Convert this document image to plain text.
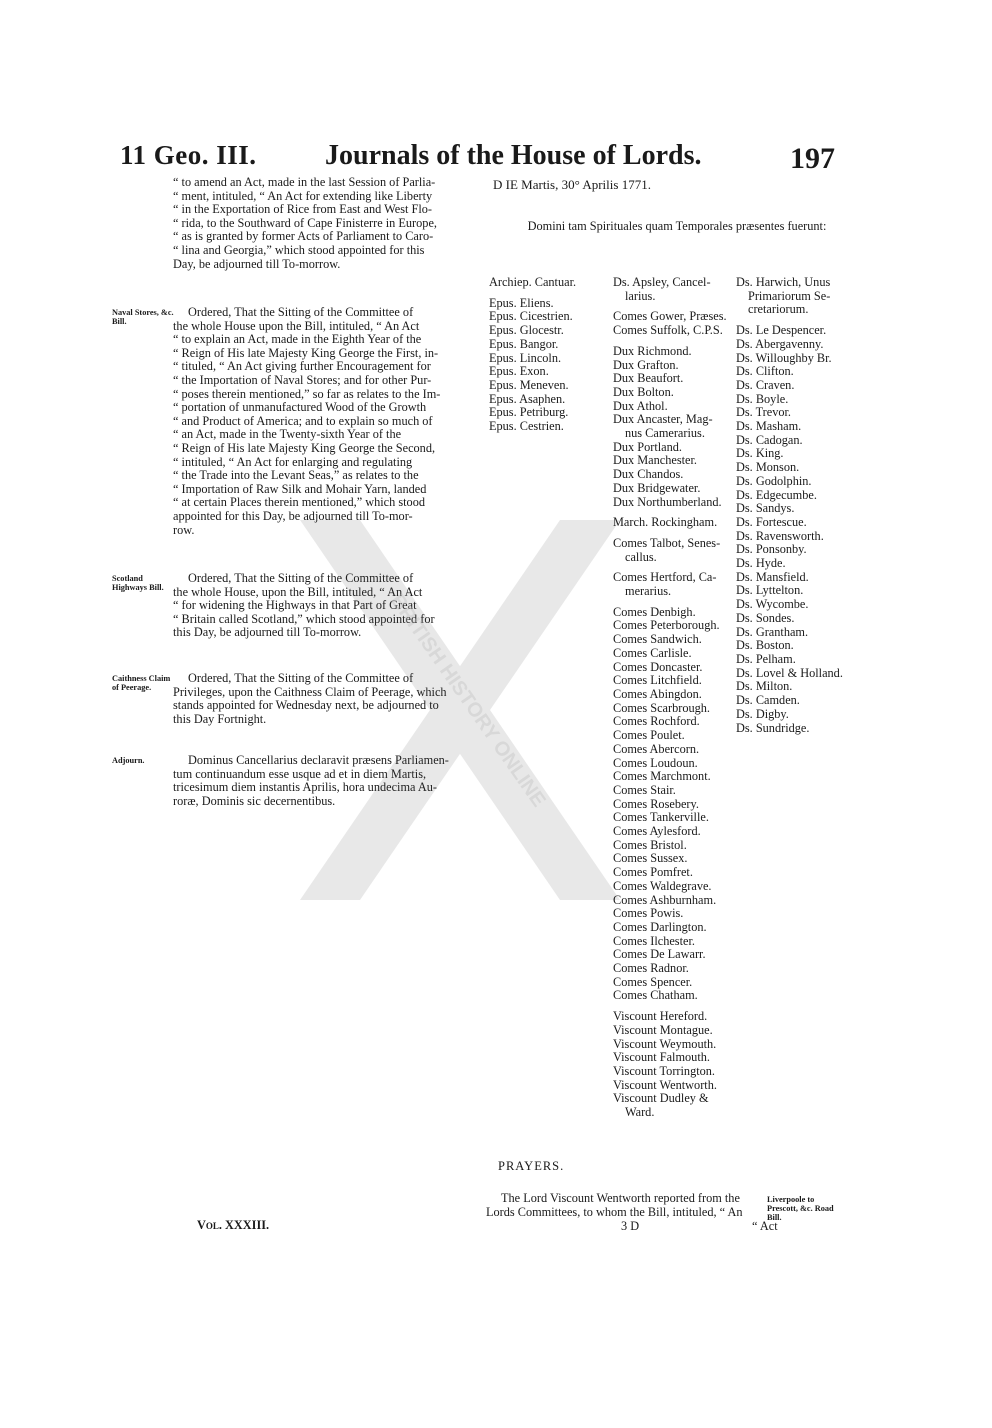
11 Geo. III. Journals of the House of Lords.	197
“ to amend an Act, made in the last Session of Parlia-
“ ment, intituled, “ An Act for extending like Liberty
“ in the Exportation of Rice from East and West Flo-
“ rida, to the Southward of Cape Finisterre in Europe,
“ as is granted by former Acts of Parliament to Caro-
“ lina and Georgia,” which stood appointed for this
Day, be adjourned till To-morrow.
Ordered, That the Sitting of the Committee of
the whole House upon the Bill, intituled, “ An Act
“ to explain an Act, made in the Eighth Year of the
“ Reign of His late Majesty King George the First, in-
“ tituled, “ An Act giving further Encouragement for
“ the Importation of Naval Stores; and for other Pur-
“ poses therein mentioned,” so far as relates to the Im-
“ portation of unmanufactured Wood of the Growth
“ and Product of America; and to explain so much of
“ an Act, made in the Twenty-sixth Year of the
“ Reign of His late Majesty King George the Second,
“ intituled, “ An Act for enlarging and regulating
“ the Trade into the Levant Seas,” as relates to the
“ Importation of Raw Silk and Mohair Yarn, landed
“ at certain Places therein mentioned,” which stood
appointed for this Day, be adjourned till To-mor-
row.
Naval Stores, &c. Bill.
Ordered, That the Sitting of the Committee of
the whole House, upon the Bill, intituled, “ An Act
“ for widening the Highways in that Part of Great
“ Britain called Scotland,” which stood appointed for
this Day, be adjourned till To-morrow.
Scotland Highways Bill.
Ordered, That the Sitting of the Committee of
Privileges, upon the Caithness Claim of Peerage, which
stands appointed for Wednesday next, be adjourned to
this Day Fortnight.
Caithness Claim of Peerage.
Dominus Cancellarius declaravit præsens Parliamen-
tum continuandum esse usque ad et in diem Martis,
tricesimum diem instantis Aprilis, hora undecima Au-
roræ, Dominis sic decernentibus.
Adjourn.
D IE Martis, 30° Aprilis 1771.
Domini tam Spirituales quam Temporales præsentes fuerunt:
Archiep. Cantuar.
Epus. Eliens.
Epus. Cicestrien.
Epus. Glocestr.
Epus. Bangor.
Epus. Lincoln.
Epus. Exon.
Epus. Meneven.
Epus. Asaphen.
Epus. Petriburg.
Epus. Cestrien.
Ds. Apsley, Cancel-
larius.
Comes Gower, Præses.
Comes Suffolk, C.P.S.
Dux Richmond.
Dux Grafton.
Dux Beaufort.
Dux Bolton.
Dux Athol.
Dux Ancaster, Mag-
nus Camerarius.
Dux Portland.
Dux Manchester.
Dux Chandos.
Dux Bridgewater.
Dux Northumberland.
March. Rockingham.
Comes Talbot, Senes-
callus.
Comes Hertford, Ca-
merarius.
Comes Denbigh.
Comes Peterborough.
Comes Sandwich.
Comes Carlisle.
Comes Doncaster.
Comes Litchfield.
Comes Abingdon.
Comes Scarbrough.
Comes Rochford.
Comes Poulet.
Comes Abercorn.
Comes Loudoun.
Comes Marchmont.
Comes Stair.
Comes Rosebery.
Comes Tankerville.
Comes Aylesford.
Comes Bristol.
Comes Sussex.
Comes Pomfret.
Comes Waldegrave.
Comes Ashburnham.
Comes Powis.
Comes Darlington.
Comes Ilchester.
Comes De Lawarr.
Comes Radnor.
Comes Spencer.
Comes Chatham.
Viscount Hereford.
Viscount Montague.
Viscount Weymouth.
Viscount Falmouth.
Viscount Torrington.
Viscount Wentworth.
Viscount Dudley &
Ward.
Ds. Harwich, Unus
Primariorum Se-
cretariorum.
Ds. Le Despencer.
Ds. Abergavenny.
Ds. Willoughby Br.
Ds. Clifton.
Ds. Craven.
Ds. Boyle.
Ds. Trevor.
Ds. Masham.
Ds. Cadogan.
Ds. King.
Ds. Monson.
Ds. Godolphin.
Ds. Edgecumbe.
Ds. Sandys.
Ds. Fortescue.
Ds. Ravensworth.
Ds. Ponsonby.
Ds. Hyde.
Ds. Mansfield.
Ds. Lyttelton.
Ds. Wycombe.
Ds. Sondes.
Ds. Grantham.
Ds. Boston.
Ds. Pelham.
Ds. Lovel & Holland.
Ds. Milton.
Ds. Camden.
Ds. Digby.
Ds. Sundridge.
PRAYERS.
The Lord Viscount Wentworth reported from the
Lords Committees, to whom the Bill, intituled, “ An
Liverpoole to Prescott, &c. Road Bill.
Vol. XXXIII.	3 D	“ Act
BRITISH HISTORY ONLINE
